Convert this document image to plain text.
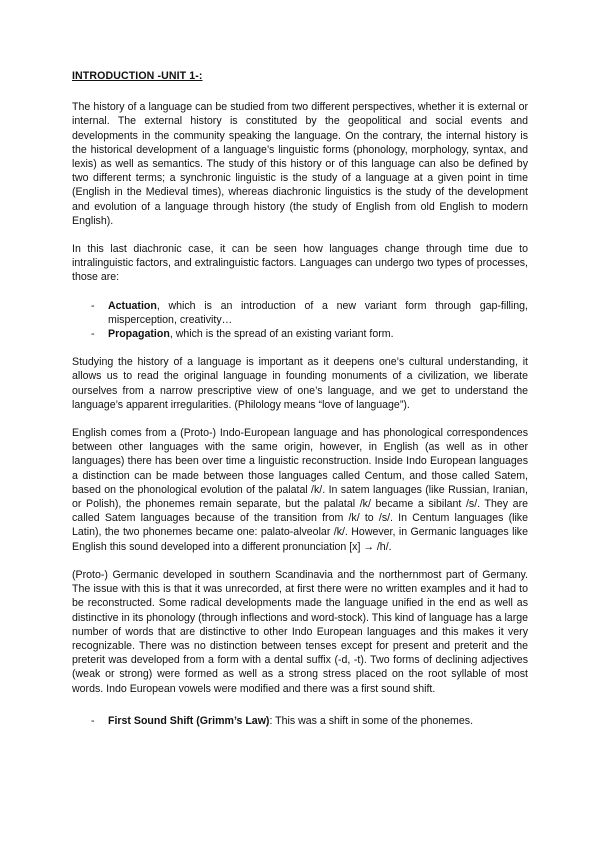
INTRODUCTION -UNIT 1-:

The history of a language can be studied from two different perspectives, whether it is external or internal. The external history is constituted by the geopolitical and social events and developments in the community speaking the language. On the contrary, the internal history is the historical development of a language’s linguistic forms (phonology, morphology, syntax, and lexis) as well as semantics. The study of this history or of this language can also be defined by two different terms; a synchronic linguistic is the study of a language at a given point in time (English in the Medieval times), whereas diachronic linguistics is the study of the development and evolution of a language through history (the study of English from old English to modern English).

In this last diachronic case, it can be seen how languages change through time due to intralinguistic factors, and extralinguistic factors. Languages can undergo two types of processes, those are:

- Actuation, which is an introduction of a new variant form through gap-filling, misperception, creativity…
- Propagation, which is the spread of an existing variant form.

Studying the history of a language is important as it deepens one’s cultural understanding, it allows us to read the original language in founding monuments of a civilization, we liberate ourselves from a narrow prescriptive view of one’s language, and we get to understand the language’s apparent irregularities. (Philology means “love of language”).

English comes from a (Proto-) Indo-European language and has phonological correspondences between other languages with the same origin, however, in English (as well as in other languages) there has been over time a linguistic reconstruction. Inside Indo European languages a distinction can be made between those languages called Centum, and those called Satem, based on the phonological evolution of the palatal /k/. In satem languages (like Russian, Iranian, or Polish), the phonemes remain separate, but the palatal /k/ became a sibilant /s/. They are called Satem languages because of the transition from /k/ to /s/. In Centum languages (like Latin), the two phonemes became one: palato-alveolar /k/. However, in Germanic languages like English this sound developed into a different pronunciation [x] → /h/.

(Proto-) Germanic developed in southern Scandinavia and the northernmost part of Germany. The issue with this is that it was unrecorded, at first there were no written examples and it had to be reconstructed. Some radical developments made the language unified in the end as well as distinctive in its phonology (through inflections and word-stock). This kind of language has a large number of words that are distinctive to other Indo European languages and this makes it very recognizable. There was no distinction between tenses except for present and preterit and the preterit was developed from a form with a dental suffix (-d, -t). Two forms of declining adjectives (weak or strong) were formed as well as a strong stress placed on the root syllable of most words. Indo European vowels were modified and there was a first sound shift.

- First Sound Shift (Grimm’s Law): This was a shift in some of the phonemes.
